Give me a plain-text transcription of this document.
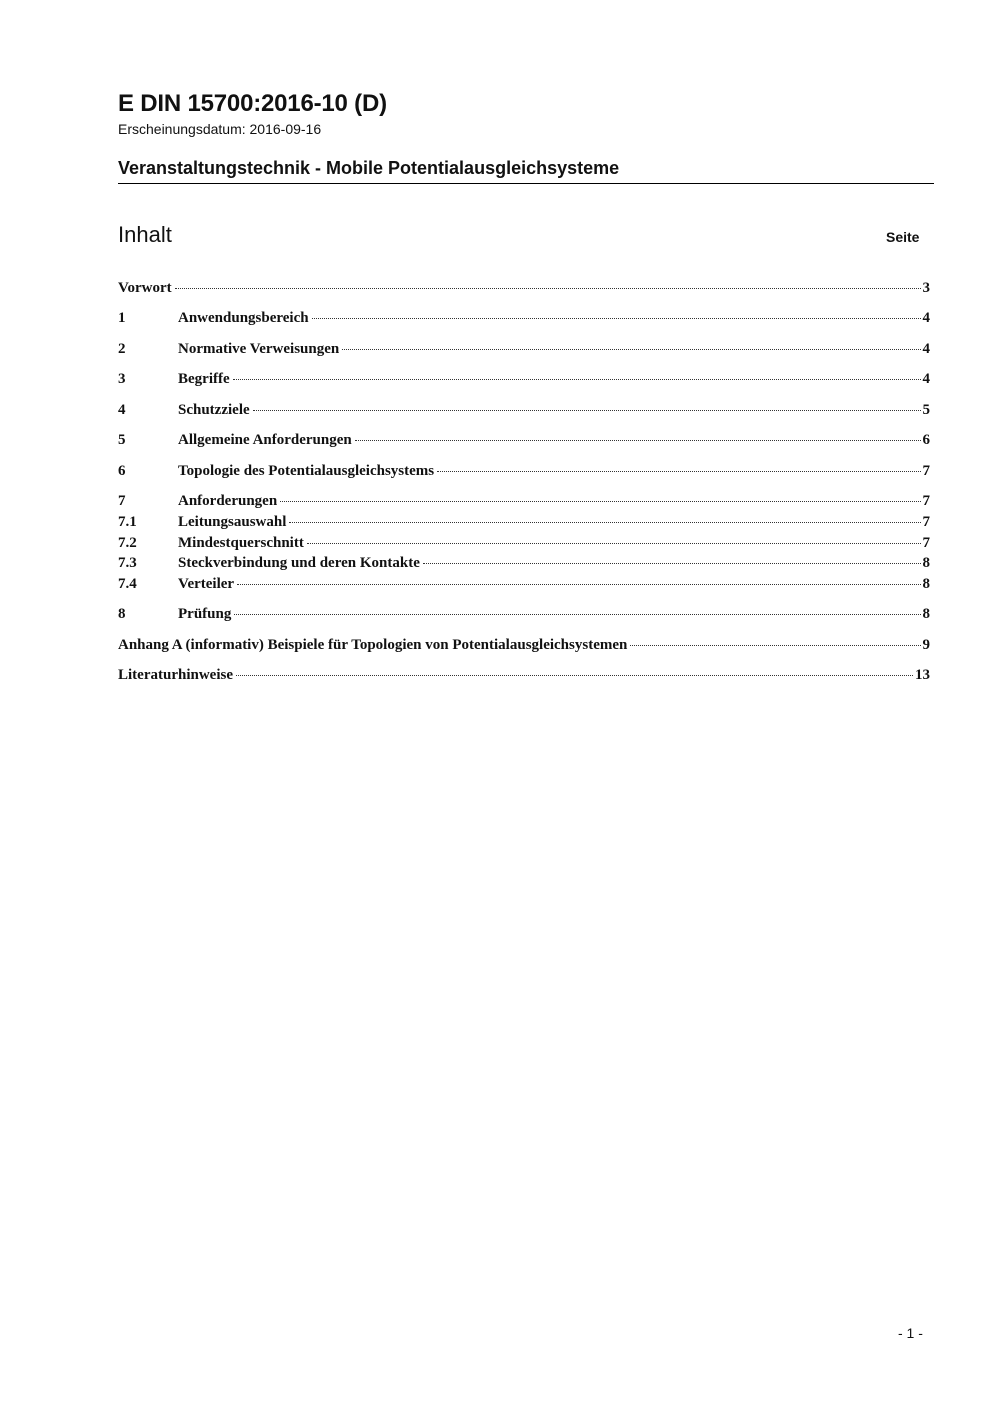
E DIN 15700:2016-10 (D)
Erscheinungsdatum: 2016-09-16
Veranstaltungstechnik - Mobile Potentialausgleichsysteme
Inhalt	Seite
Vorwort	3
1	Anwendungsbereich	4
2	Normative Verweisungen	4
3	Begriffe	4
4	Schutzziele	5
5	Allgemeine Anforderungen	6
6	Topologie des Potentialausgleichsystems	7
7	Anforderungen	7
7.1	Leitungsauswahl	7
7.2	Mindestquerschnitt	7
7.3	Steckverbindung und deren Kontakte	8
7.4	Verteiler	8
8	Prüfung	8
Anhang A (informativ) Beispiele für Topologien von Potentialausgleichsystemen	9
Literaturhinweise	13
- 1 -
